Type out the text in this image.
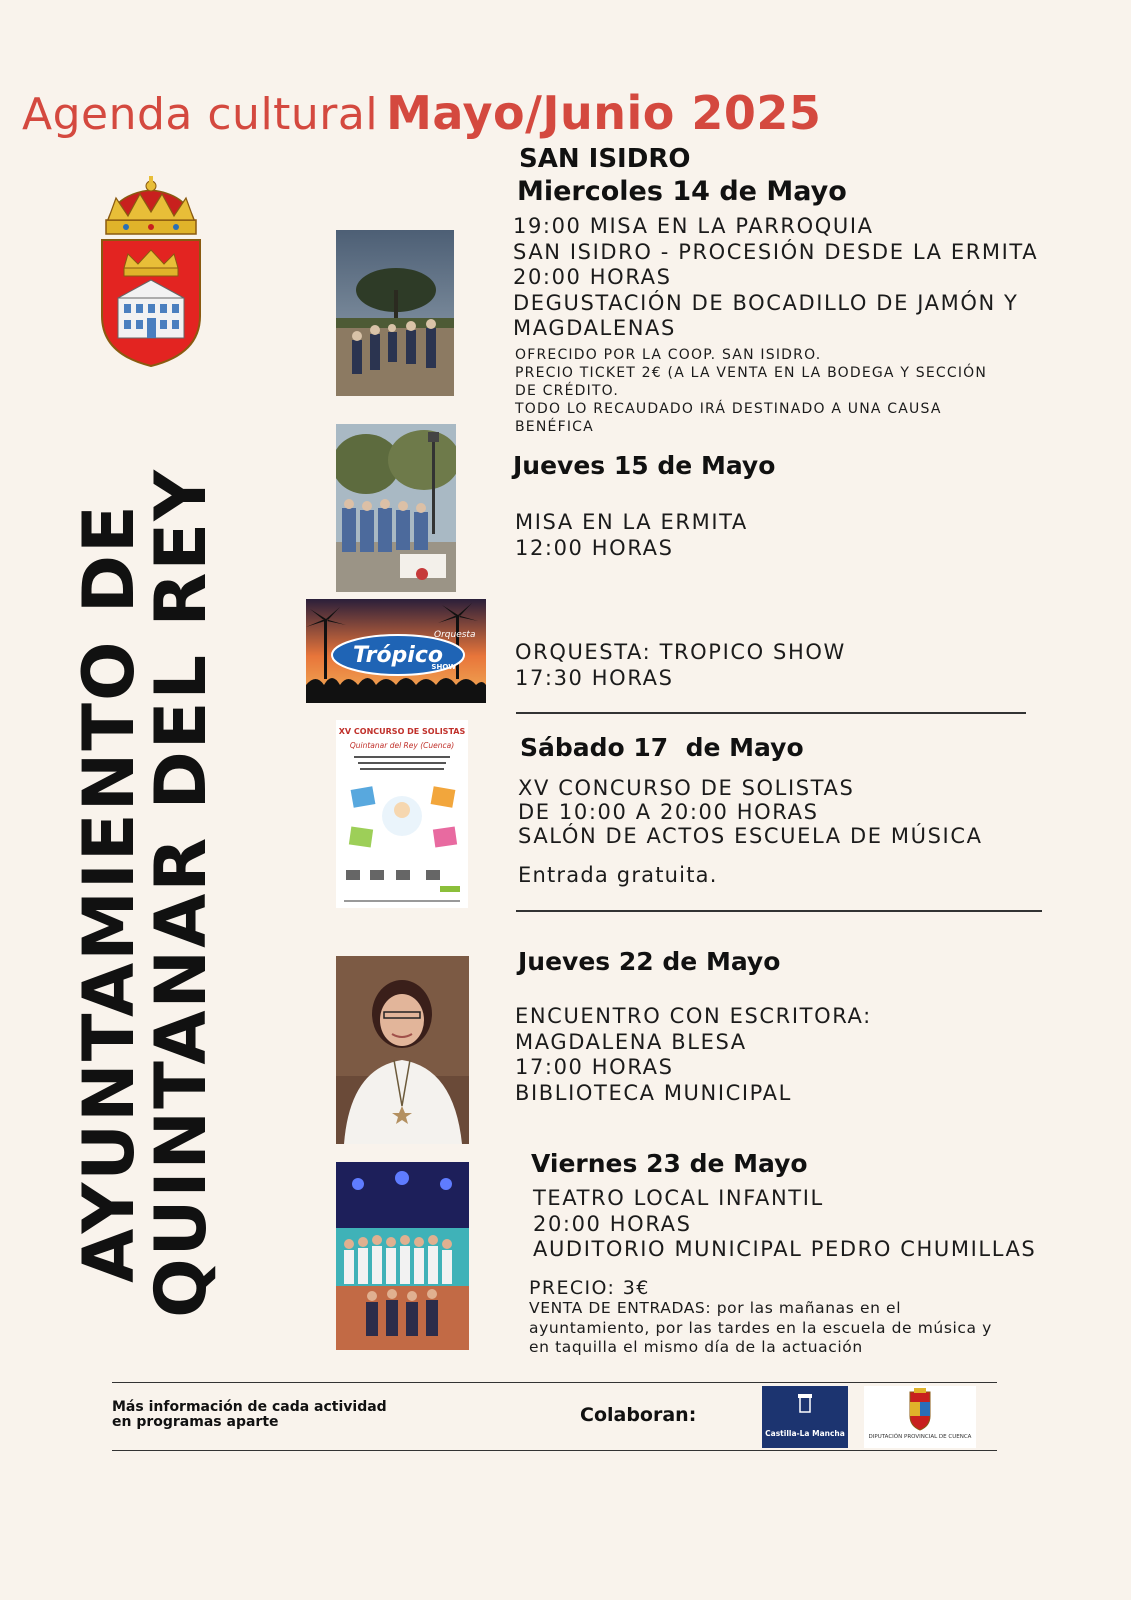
Agenda cultural Mayo/Junio 2025
AYUNTAMIENTO DE
QUINTANAR DEL REY	Orquesta
Trópico
SHOW
XV CONCURSO DE SOLISTAS
Quintanar del Rey (Cuenca)
SAN ISIDRO
Miercoles 14 de Mayo
19:00 MISA EN LA PARROQUIA
SAN ISIDRO - PROCESIÓN DESDE LA ERMITA
20:00 HORAS
DEGUSTACIÓN DE BOCADILLO DE JAMÓN Y
MAGDALENAS
OFRECIDO POR LA COOP. SAN ISIDRO.
PRECIO TICKET 2€ (A LA VENTA EN LA BODEGA Y SECCIÓN
DE CRÉDITO.
TODO LO RECAUDADO IRÁ DESTINADO A UNA CAUSA
BENÉFICA
Jueves 15 de Mayo
MISA EN LA ERMITA
12:00 HORAS
ORQUESTA: TROPICO SHOW
17:30 HORAS
Sábado 17  de Mayo
XV CONCURSO DE SOLISTAS
DE 10:00 A 20:00 HORAS
SALÓN DE ACTOS ESCUELA DE MÚSICA
Entrada gratuita.
Jueves 22 de Mayo
ENCUENTRO CON ESCRITORA:
MAGDALENA BLESA
17:00 HORAS
BIBLIOTECA MUNICIPAL
Viernes 23 de Mayo
TEATRO LOCAL INFANTIL
20:00 HORAS
AUDITORIO MUNICIPAL PEDRO CHUMILLAS
PRECIO: 3€
VENTA DE ENTRADAS: por las mañanas en el
ayuntamiento, por las tardes en la escuela de música y
en taquilla el mismo día de la actuación
Más información de cada actividad
en programas aparte	Colaboran:
Castilla-La Mancha	DIPUTACIÓN PROVINCIAL DE CUENCA
